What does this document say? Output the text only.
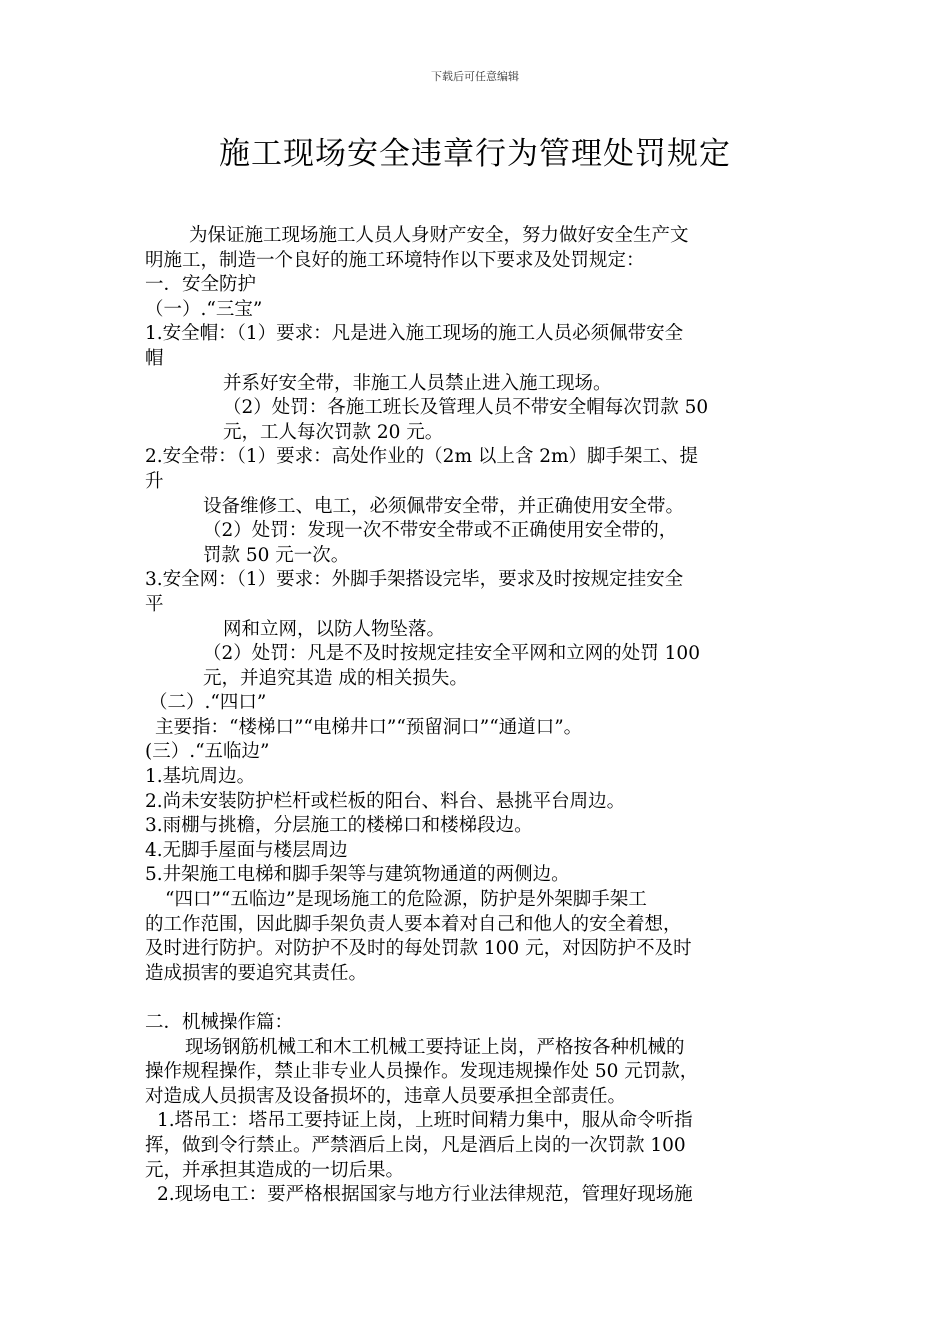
下载后可任意编辑
施工现场安全违章行为管理处罚规定
为保证施工现场施工人员人身财产安全，努力做好安全生产文
明施工，制造一个良好的施工环境特作以下要求及处罚规定：
一．安全防护
（一）.“三宝”
1.安全帽：（1）要求：凡是进入施工现场的施工人员必须佩带安全
帽
并系好安全带，非施工人员禁止进入施工现场。
（2）处罚：各施工班长及管理人员不带安全帽每次罚款 50
元，工人每次罚款 20 元。
2.安全带：（1）要求：高处作业的（2m 以上含 2m）脚手架工、提
升
设备维修工、电工，必须佩带安全带，并正确使用安全带。
（2）处罚：发现一次不带安全带或不正确使用安全带的，
罚款 50 元一次。
3.安全网：（1）要求：外脚手架搭设完毕，要求及时按规定挂安全
平
网和立网，以防人物坠落。
（2）处罚：凡是不及时按规定挂安全平网和立网的处罚 100
元，并追究其造 成的相关损失。
（二）.“四口”
主要指：“楼梯口”“电梯井口”“预留洞口”“通道口”。
(三）.“五临边”
1.基坑周边。
2.尚未安装防护栏杆或栏板的阳台、料台、悬挑平台周边。
3.雨棚与挑檐，分层施工的楼梯口和楼梯段边。
4.无脚手屋面与楼层周边
5.井架施工电梯和脚手架等与建筑物通道的两侧边。
“四口”“五临边”是现场施工的危险源，防护是外架脚手架工
的工作范围，因此脚手架负责人要本着对自己和他人的安全着想，
及时进行防护。对防护不及时的每处罚款 100 元，对因防护不及时
造成损害的要追究其责任。
二．机械操作篇：
现场钢筋机械工和木工机械工要持证上岗，严格按各种机械的
操作规程操作，禁止非专业人员操作。发现违规操作处 50 元罚款，
对造成人员损害及设备损坏的，违章人员要承担全部责任。
1.塔吊工：塔吊工要持证上岗，上班时间精力集中，服从命令听指
挥，做到令行禁止。严禁酒后上岗，凡是酒后上岗的一次罚款 100
元，并承担其造成的一切后果。
2.现场电工：要严格根据国家与地方行业法律规范，管理好现场施
